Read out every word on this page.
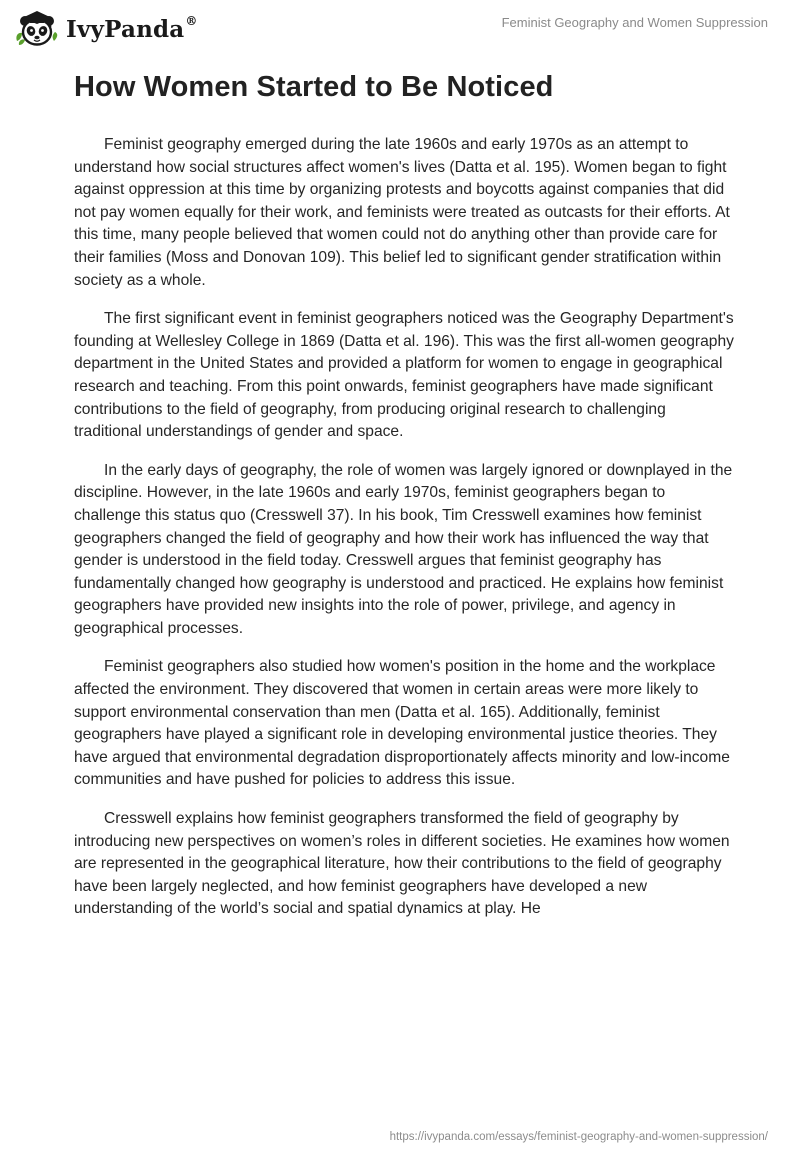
IvyPanda®	Feminist Geography and Women Suppression
How Women Started to Be Noticed

Feminist geography emerged during the late 1960s and early 1970s as an attempt to understand how social structures affect women's lives (Datta et al. 195). Women began to fight against oppression at this time by organizing protests and boycotts against companies that did not pay women equally for their work, and feminists were treated as outcasts for their efforts. At this time, many people believed that women could not do anything other than provide care for their families (Moss and Donovan 109). This belief led to significant gender stratification within society as a whole.

The first significant event in feminist geographers noticed was the Geography Department's founding at Wellesley College in 1869 (Datta et al. 196). This was the first all-women geography department in the United States and provided a platform for women to engage in geographical research and teaching. From this point onwards, feminist geographers have made significant contributions to the field of geography, from producing original research to challenging traditional understandings of gender and space.

In the early days of geography, the role of women was largely ignored or downplayed in the discipline. However, in the late 1960s and early 1970s, feminist geographers began to challenge this status quo (Cresswell 37). In his book, Tim Cresswell examines how feminist geographers changed the field of geography and how their work has influenced the way that gender is understood in the field today. Cresswell argues that feminist geography has fundamentally changed how geography is understood and practiced. He explains how feminist geographers have provided new insights into the role of power, privilege, and agency in geographical processes.

Feminist geographers also studied how women's position in the home and the workplace affected the environment. They discovered that women in certain areas were more likely to support environmental conservation than men (Datta et al. 165). Additionally, feminist geographers have played a significant role in developing environmental justice theories. They have argued that environmental degradation disproportionately affects minority and low-income communities and have pushed for policies to address this issue.

Cresswell explains how feminist geographers transformed the field of geography by introducing new perspectives on women’s roles in different societies. He examines how women are represented in the geographical literature, how their contributions to the field of geography have been largely neglected, and how feminist geographers have developed a new understanding of the world’s social and spatial dynamics at play. He

https://ivypanda.com/essays/feminist-geography-and-women-suppression/
